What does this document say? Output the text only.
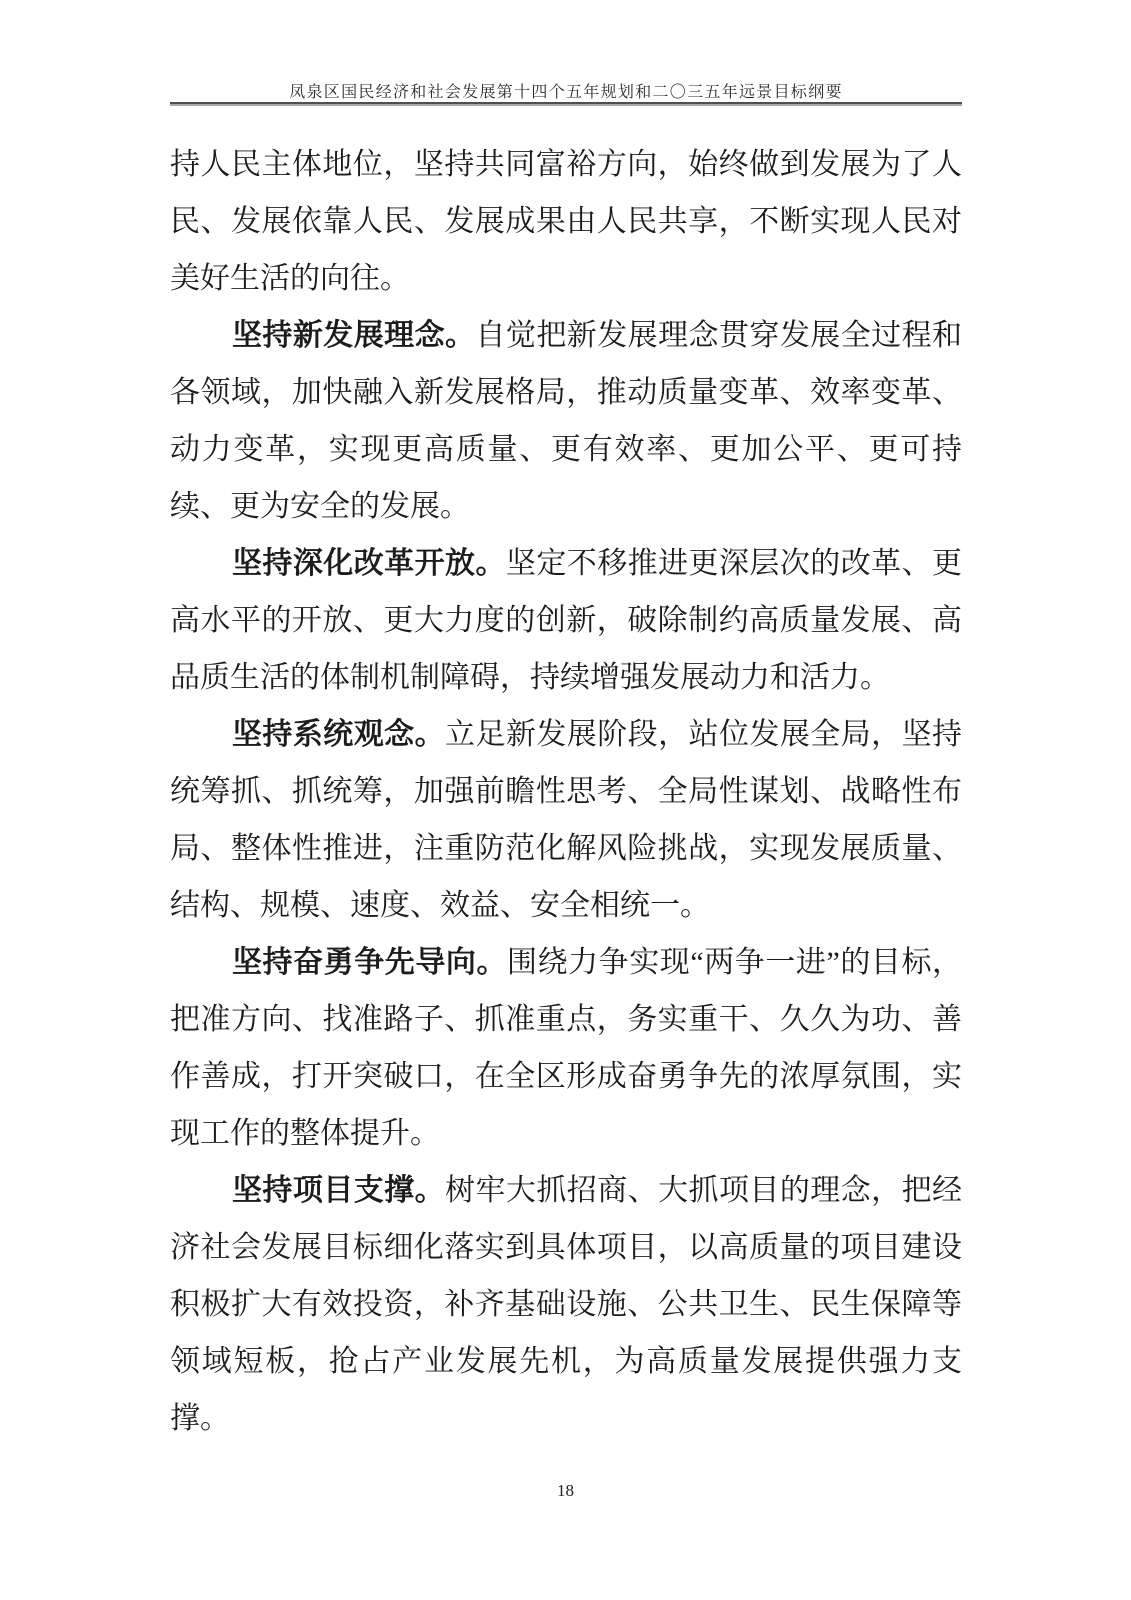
凤泉区国民经济和社会发展第十四个五年规划和二〇三五年远景目标纲要

持人民主体地位，坚持共同富裕方向，始终做到发展为了人民、发展依靠人民、发展成果由人民共享，不断实现人民对美好生活的向往。

坚持新发展理念。自觉把新发展理念贯穿发展全过程和各领域，加快融入新发展格局，推动质量变革、效率变革、动力变革，实现更高质量、更有效率、更加公平、更可持续、更为安全的发展。

坚持深化改革开放。坚定不移推进更深层次的改革、更高水平的开放、更大力度的创新，破除制约高质量发展、高品质生活的体制机制障碍，持续增强发展动力和活力。

坚持系统观念。立足新发展阶段，站位发展全局，坚持统筹抓、抓统筹，加强前瞻性思考、全局性谋划、战略性布局、整体性推进，注重防范化解风险挑战，实现发展质量、结构、规模、速度、效益、安全相统一。

坚持奋勇争先导向。围绕力争实现“两争一进”的目标，把准方向、找准路子、抓准重点，务实重干、久久为功、善作善成，打开突破口，在全区形成奋勇争先的浓厚氛围，实现工作的整体提升。

坚持项目支撑。树牢大抓招商、大抓项目的理念，把经济社会发展目标细化落实到具体项目，以高质量的项目建设积极扩大有效投资，补齐基础设施、公共卫生、民生保障等领域短板，抢占产业发展先机，为高质量发展提供强力支撑。

18
